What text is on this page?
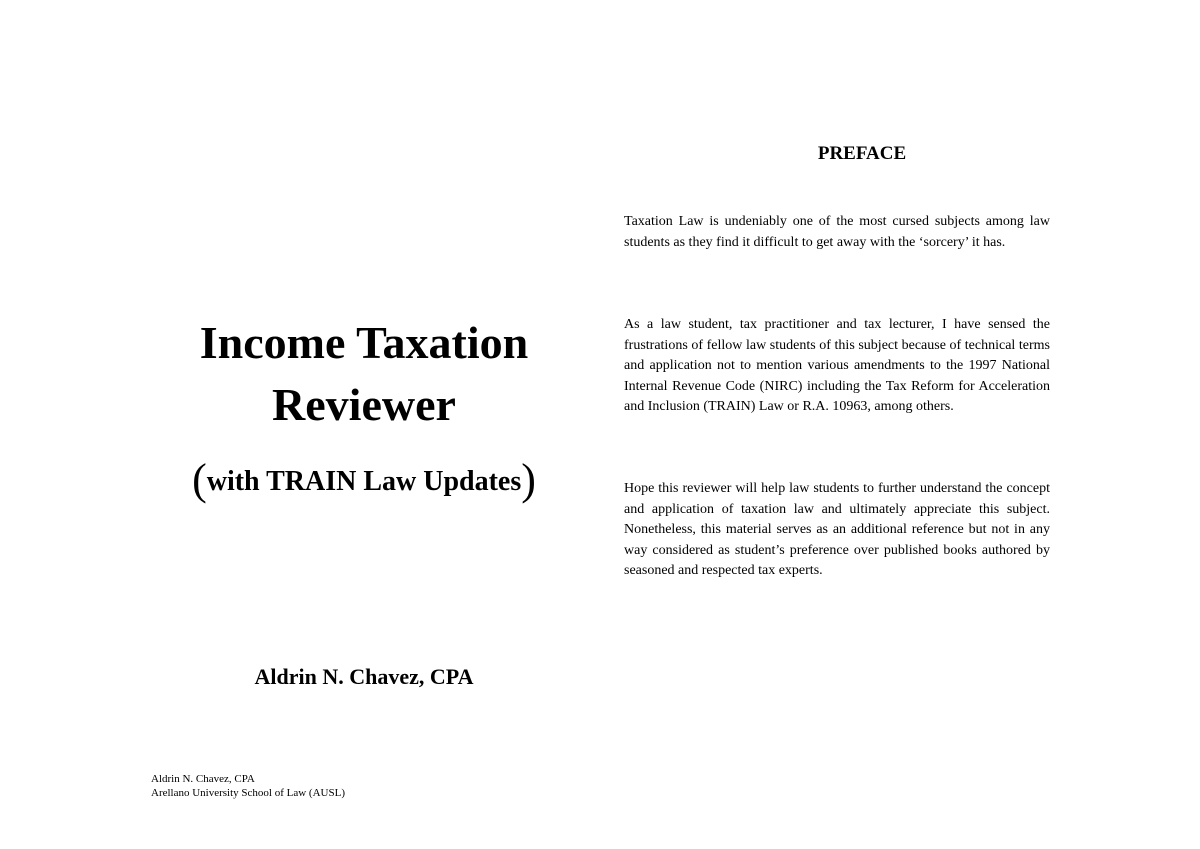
Income Taxation
Reviewer

(with TRAIN Law Updates)

Aldrin N. Chavez, CPA

Aldrin N. Chavez, CPA
Arellano University School of Law (AUSL)
PREFACE

Taxation Law is undeniably one of the most cursed subjects among law students as they find it difficult to get away with the ‘sorcery’ it has.

As a law student, tax practitioner and tax lecturer, I have sensed the frustrations of fellow law students of this subject because of technical terms and application not to mention various amendments to the 1997 National Internal Revenue Code (NIRC) including the Tax Reform for Acceleration and Inclusion (TRAIN) Law or R.A. 10963, among others.

Hope this reviewer will help law students to further understand the concept and application of taxation law and ultimately appreciate this subject. Nonetheless, this material serves as an additional reference but not in any way considered as student’s preference over published books authored by seasoned and respected tax experts.
